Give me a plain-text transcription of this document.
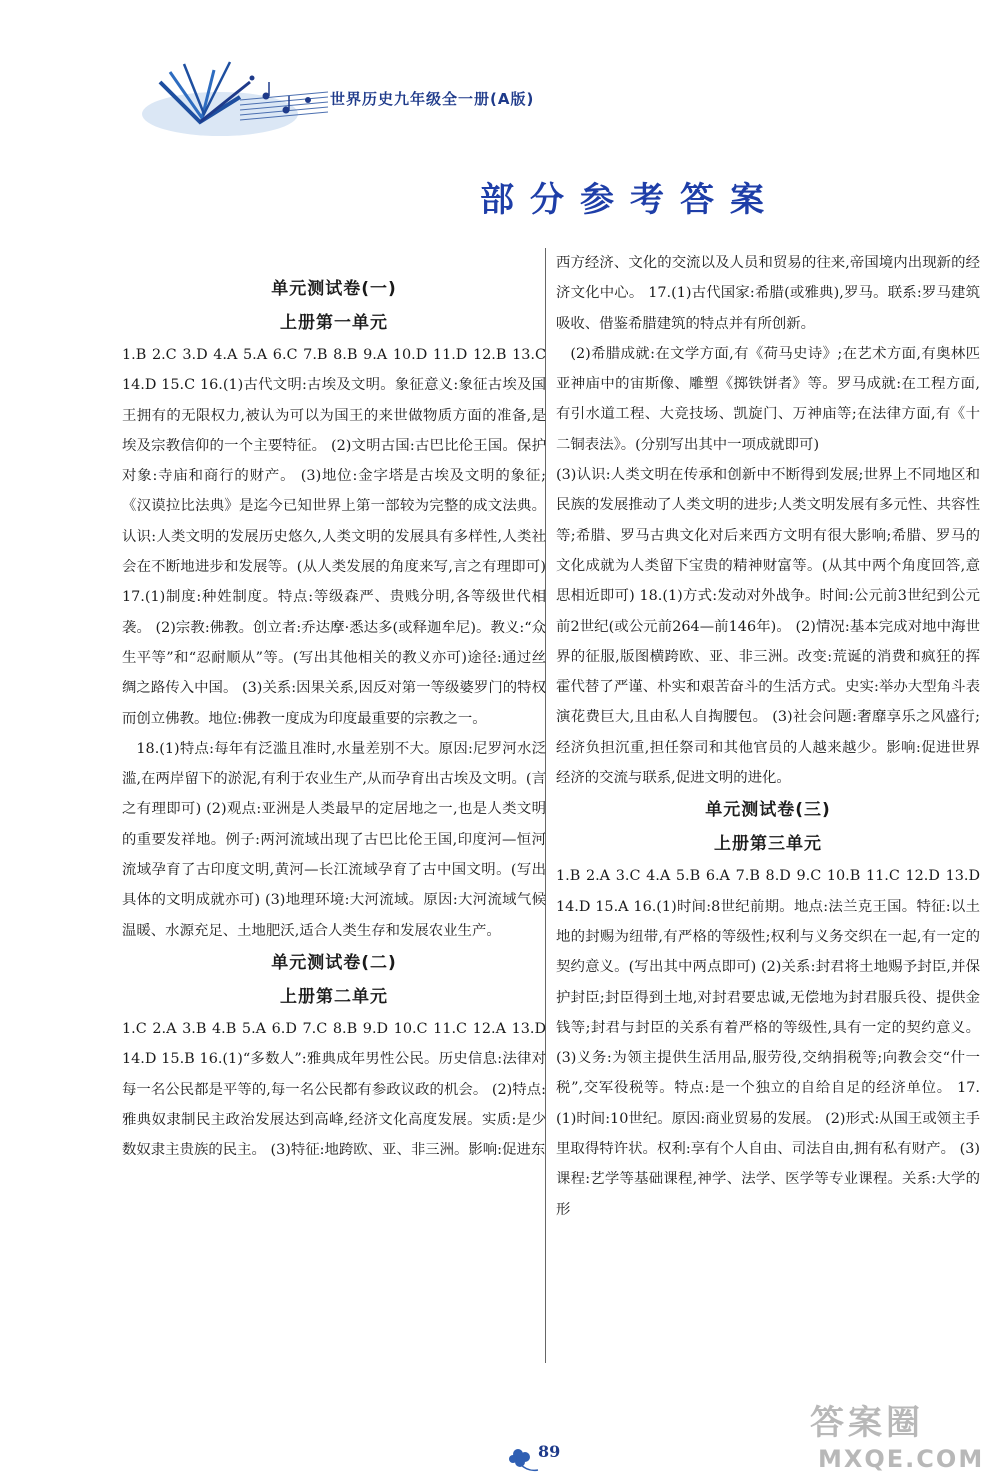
世界历史九年级全一册(A版)
部分参考答案
单元测试卷(一)
上册第一单元
1.B 2.C 3.D 4.A 5.A 6.C 7.B 8.B 9.A 10.D 11.D 12.B 13.C 14.D 15.C 16.(1)古代文明:古埃及文明。象征意义:象征古埃及国王拥有的无限权力,被认为可以为国王的来世做物质方面的准备,是埃及宗教信仰的一个主要特征。 (2)文明古国:古巴比伦王国。保护对象:寺庙和商行的财产。 (3)地位:金字塔是古埃及文明的象征;《汉谟拉比法典》是迄今已知世界上第一部较为完整的成文法典。认识:人类文明的发展历史悠久,人类文明的发展具有多样性,人类社会在不断地进步和发展等。(从人类发展的角度来写,言之有理即可) 17.(1)制度:种姓制度。特点:等级森严、贵贱分明,各等级世代相袭。 (2)宗教:佛教。创立者:乔达摩·悉达多(或释迦牟尼)。教义:“众生平等”和“忍耐顺从”等。(写出其他相关的教义亦可)途径:通过丝绸之路传入中国。 (3)关系:因果关系,因反对第一等级婆罗门的特权而创立佛教。地位:佛教一度成为印度最重要的宗教之一。
18.(1)特点:每年有泛滥且准时,水量差别不大。原因:尼罗河水泛滥,在两岸留下的淤泥,有利于农业生产,从而孕育出古埃及文明。(言之有理即可) (2)观点:亚洲是人类最早的定居地之一,也是人类文明的重要发祥地。例子:两河流域出现了古巴比伦王国,印度河—恒河流域孕育了古印度文明,黄河—长江流域孕育了古中国文明。(写出具体的文明成就亦可) (3)地理环境:大河流域。原因:大河流域气候温暖、水源充足、土地肥沃,适合人类生存和发展农业生产。
单元测试卷(二)
上册第二单元
1.C 2.A 3.B 4.B 5.A 6.D 7.C 8.B 9.D 10.C 11.C 12.A 13.D 14.D 15.B 16.(1)“多数人”:雅典成年男性公民。历史信息:法律对每一名公民都是平等的,每一名公民都有参政议政的机会。 (2)特点:雅典奴隶制民主政治发展达到高峰,经济文化高度发展。实质:是少数奴隶主贵族的民主。 (3)特征:地跨欧、亚、非三洲。影响:促进东
西方经济、文化的交流以及人员和贸易的往来,帝国境内出现新的经济文化中心。 17.(1)古代国家:希腊(或雅典),罗马。联系:罗马建筑吸收、借鉴希腊建筑的特点并有所创新。
(2)希腊成就:在文学方面,有《荷马史诗》;在艺术方面,有奥林匹亚神庙中的宙斯像、雕塑《掷铁饼者》等。罗马成就:在工程方面,有引水道工程、大竞技场、凯旋门、万神庙等;在法律方面,有《十二铜表法》。(分别写出其中一项成就即可)
(3)认识:人类文明在传承和创新中不断得到发展;世界上不同地区和民族的发展推动了人类文明的进步;人类文明发展有多元性、共容性等;希腊、罗马古典文化对后来西方文明有很大影响;希腊、罗马的文化成就为人类留下宝贵的精神财富等。(从其中两个角度回答,意思相近即可) 18.(1)方式:发动对外战争。时间:公元前3世纪到公元前2世纪(或公元前264—前146年)。 (2)情况:基本完成对地中海世界的征服,版图横跨欧、亚、非三洲。改变:荒诞的消费和疯狂的挥霍代替了严谨、朴实和艰苦奋斗的生活方式。史实:举办大型角斗表演花费巨大,且由私人自掏腰包。 (3)社会问题:奢靡享乐之风盛行;经济负担沉重,担任祭司和其他官员的人越来越少。影响:促进世界经济的交流与联系,促进文明的进化。
单元测试卷(三)
上册第三单元
1.B 2.A 3.C 4.A 5.B 6.A 7.B 8.D 9.C 10.B 11.C 12.D 13.D 14.D 15.A 16.(1)时间:8世纪前期。地点:法兰克王国。特征:以土地的封赐为纽带,有严格的等级性;权利与义务交织在一起,有一定的契约意义。(写出其中两点即可) (2)关系:封君将土地赐予封臣,并保护封臣;封臣得到土地,对封君要忠诚,无偿地为封君服兵役、提供金钱等;封君与封臣的关系有着严格的等级性,具有一定的契约意义。 (3)义务:为领主提供生活用品,服劳役,交纳捐税等;向教会交“什一税”,交军役税等。特点:是一个独立的自给自足的经济单位。 17.(1)时间:10世纪。原因:商业贸易的发展。 (2)形式:从国王或领主手里取得特许状。权利:享有个人自由、司法自由,拥有私有财产。 (3)课程:艺学等基础课程,神学、法学、医学等专业课程。关系:大学的形
89
答案圈
MXQE.COM
